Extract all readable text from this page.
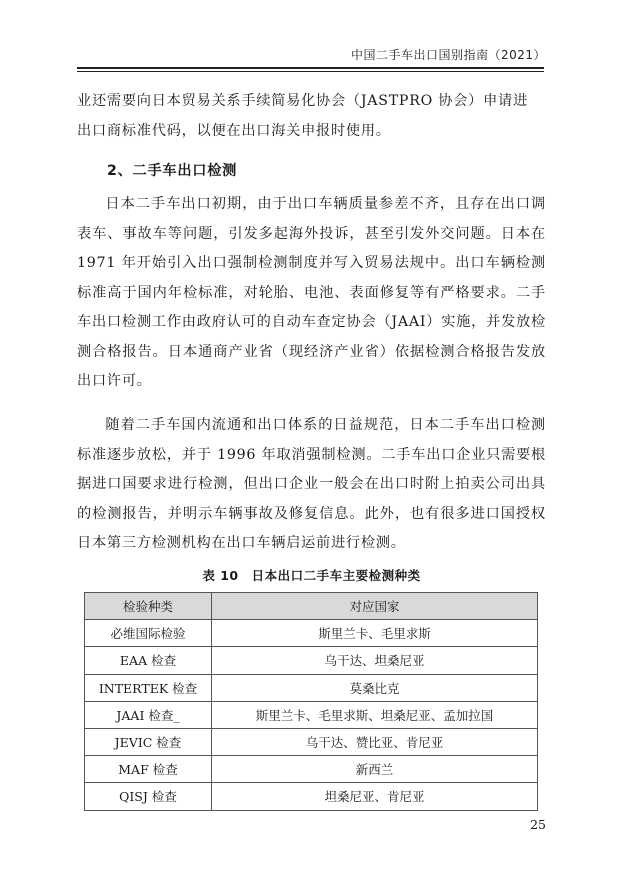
中国二手车出口国别指南（2021）

业还需要向日本贸易关系手续简易化协会（JASTPRO 协会）申请进

出口商标准代码，以便在出口海关申报时使用。

2、二手车出口检测

日本二手车出口初期，由于出口车辆质量参差不齐，且存在出口调表车、事故车等问题，引发多起海外投诉，甚至引发外交问题。日本在 1971 年开始引入出口强制检测制度并写入贸易法规中。出口车辆检测标准高于国内年检标准，对轮胎、电池、表面修复等有严格要求。二手车出口检测工作由政府认可的自动车查定协会（JAAI）实施，并发放检测合格报告。日本通商产业省（现经济产业省）依据检测合格报告发放出口许可。

随着二手车国内流通和出口体系的日益规范，日本二手车出口检测标准逐步放松，并于 1996 年取消强制检测。二手车出口企业只需要根据进口国要求进行检测，但出口企业一般会在出口时附上拍卖公司出具的检测报告，并明示车辆事故及修复信息。此外，也有很多进口国授权日本第三方检测机构在出口车辆启运前进行检测。

表 10　日本出口二手车主要检测种类
检验种类	对应国家
必维国际检验	斯里兰卡、毛里求斯
EAA 检查	乌干达、坦桑尼亚
INTERTEK 检查	莫桑比克
JAAI 检查_	斯里兰卡、毛里求斯、坦桑尼亚、孟加拉国
JEVIC 检查	乌干达、赞比亚、肯尼亚
MAF 检查	新西兰
QISJ 检查	坦桑尼亚、肯尼亚
25
